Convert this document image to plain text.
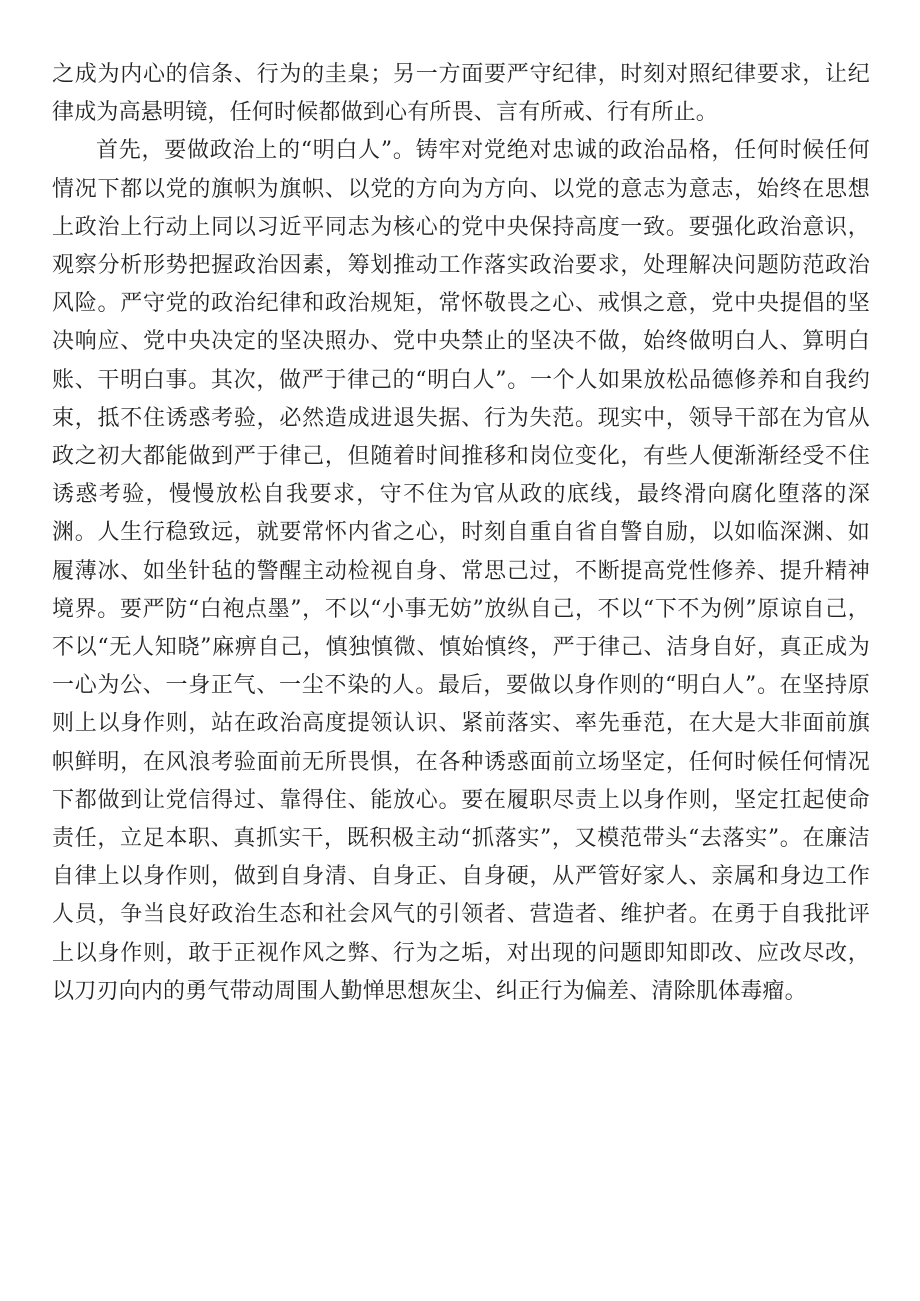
之成为内心的信条、行为的圭臬；另一方面要严守纪律，时刻对照纪律要求，让纪律成为高悬明镜，任何时候都做到心有所畏、言有所戒、行有所止。

首先，要做政治上的“明白人”。铸牢对党绝对忠诚的政治品格，任何时候任何情况下都以党的旗帜为旗帜、以党的方向为方向、以党的意志为意志，始终在思想上政治上行动上同以习近平同志为核心的党中央保持高度一致。要强化政治意识，观察分析形势把握政治因素，筹划推动工作落实政治要求，处理解决问题防范政治风险。严守党的政治纪律和政治规矩，常怀敬畏之心、戒惧之意，党中央提倡的坚决响应、党中央决定的坚决照办、党中央禁止的坚决不做，始终做明白人、算明白账、干明白事。其次，做严于律己的“明白人”。一个人如果放松品德修养和自我约束，抵不住诱惑考验，必然造成进退失据、行为失范。现实中，领导干部在为官从政之初大都能做到严于律己，但随着时间推移和岗位变化，有些人便渐渐经受不住诱惑考验，慢慢放松自我要求，守不住为官从政的底线，最终滑向腐化堕落的深渊。人生行稳致远，就要常怀内省之心，时刻自重自省自警自励，以如临深渊、如履薄冰、如坐针毡的警醒主动检视自身、常思己过，不断提高党性修养、提升精神境界。要严防“白袍点墨”，不以“小事无妨”放纵自己，不以“下不为例”原谅自己，不以“无人知晓”麻痹自己，慎独慎微、慎始慎终，严于律己、洁身自好，真正成为一心为公、一身正气、一尘不染的人。最后，要做以身作则的“明白人”。在坚持原则上以身作则，站在政治高度提领认识、紧前落实、率先垂范，在大是大非面前旗帜鲜明，在风浪考验面前无所畏惧，在各种诱惑面前立场坚定，任何时候任何情况下都做到让党信得过、靠得住、能放心。要在履职尽责上以身作则，坚定扛起使命责任，立足本职、真抓实干，既积极主动“抓落实”，又模范带头“去落实”。在廉洁自律上以身作则，做到自身清、自身正、自身硬，从严管好家人、亲属和身边工作人员，争当良好政治生态和社会风气的引领者、营造者、维护者。在勇于自我批评上以身作则，敢于正视作风之弊、行为之垢，对出现的问题即知即改、应改尽改，以刀刃向内的勇气带动周围人勤惮思想灰尘、纠正行为偏差、清除肌体毒瘤。
